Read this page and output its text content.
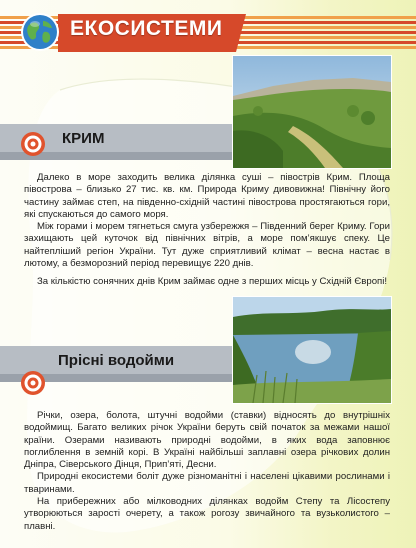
ЕКОСИСТЕМИ
КРИМ

Далеко в море заходить велика ділянка суші – півострів Крим. Площа півострова – близько 27 тис. кв. км. Природа Криму дивовижна! Північну його частину займає степ, на південно-східній частині півострова простягаються гори, які спускаються до самого моря.

Між горами і морем тягнеться смуга узбережжя – Південний берег Криму. Гори захищають цей куточок від північних вітрів, а море пом’якшує спеку. Це найтепліший регіон України. Тут дуже сприятливий клімат – весна настає в лютому, а безморозний період перевищує 220 днів.

За кількістю сонячних днів Крим займає одне з перших місць у Східній Європі!

Прісні водойми

Річки, озера, болота, штучні водойми (ставки) відносять до внутрішніх водоймищ. Багато великих річок України беруть свій початок за межами нашої країни. Озерами називають природні водойми, в яких вода заповнює поглиблення в земній корі. В Україні найбільші заплавні озера річкових долин Дніпра, Сіверського Дінця, Прип’яті, Десни.

Природні екосистеми боліт дуже різноманітні і населені цікавими рослинами і тваринами.

На прибережних або мілководних ділянках водойм Степу та Лісостепу утворюються зарості очерету, а також рогозу звичайного та вузьколистого – плавні.
